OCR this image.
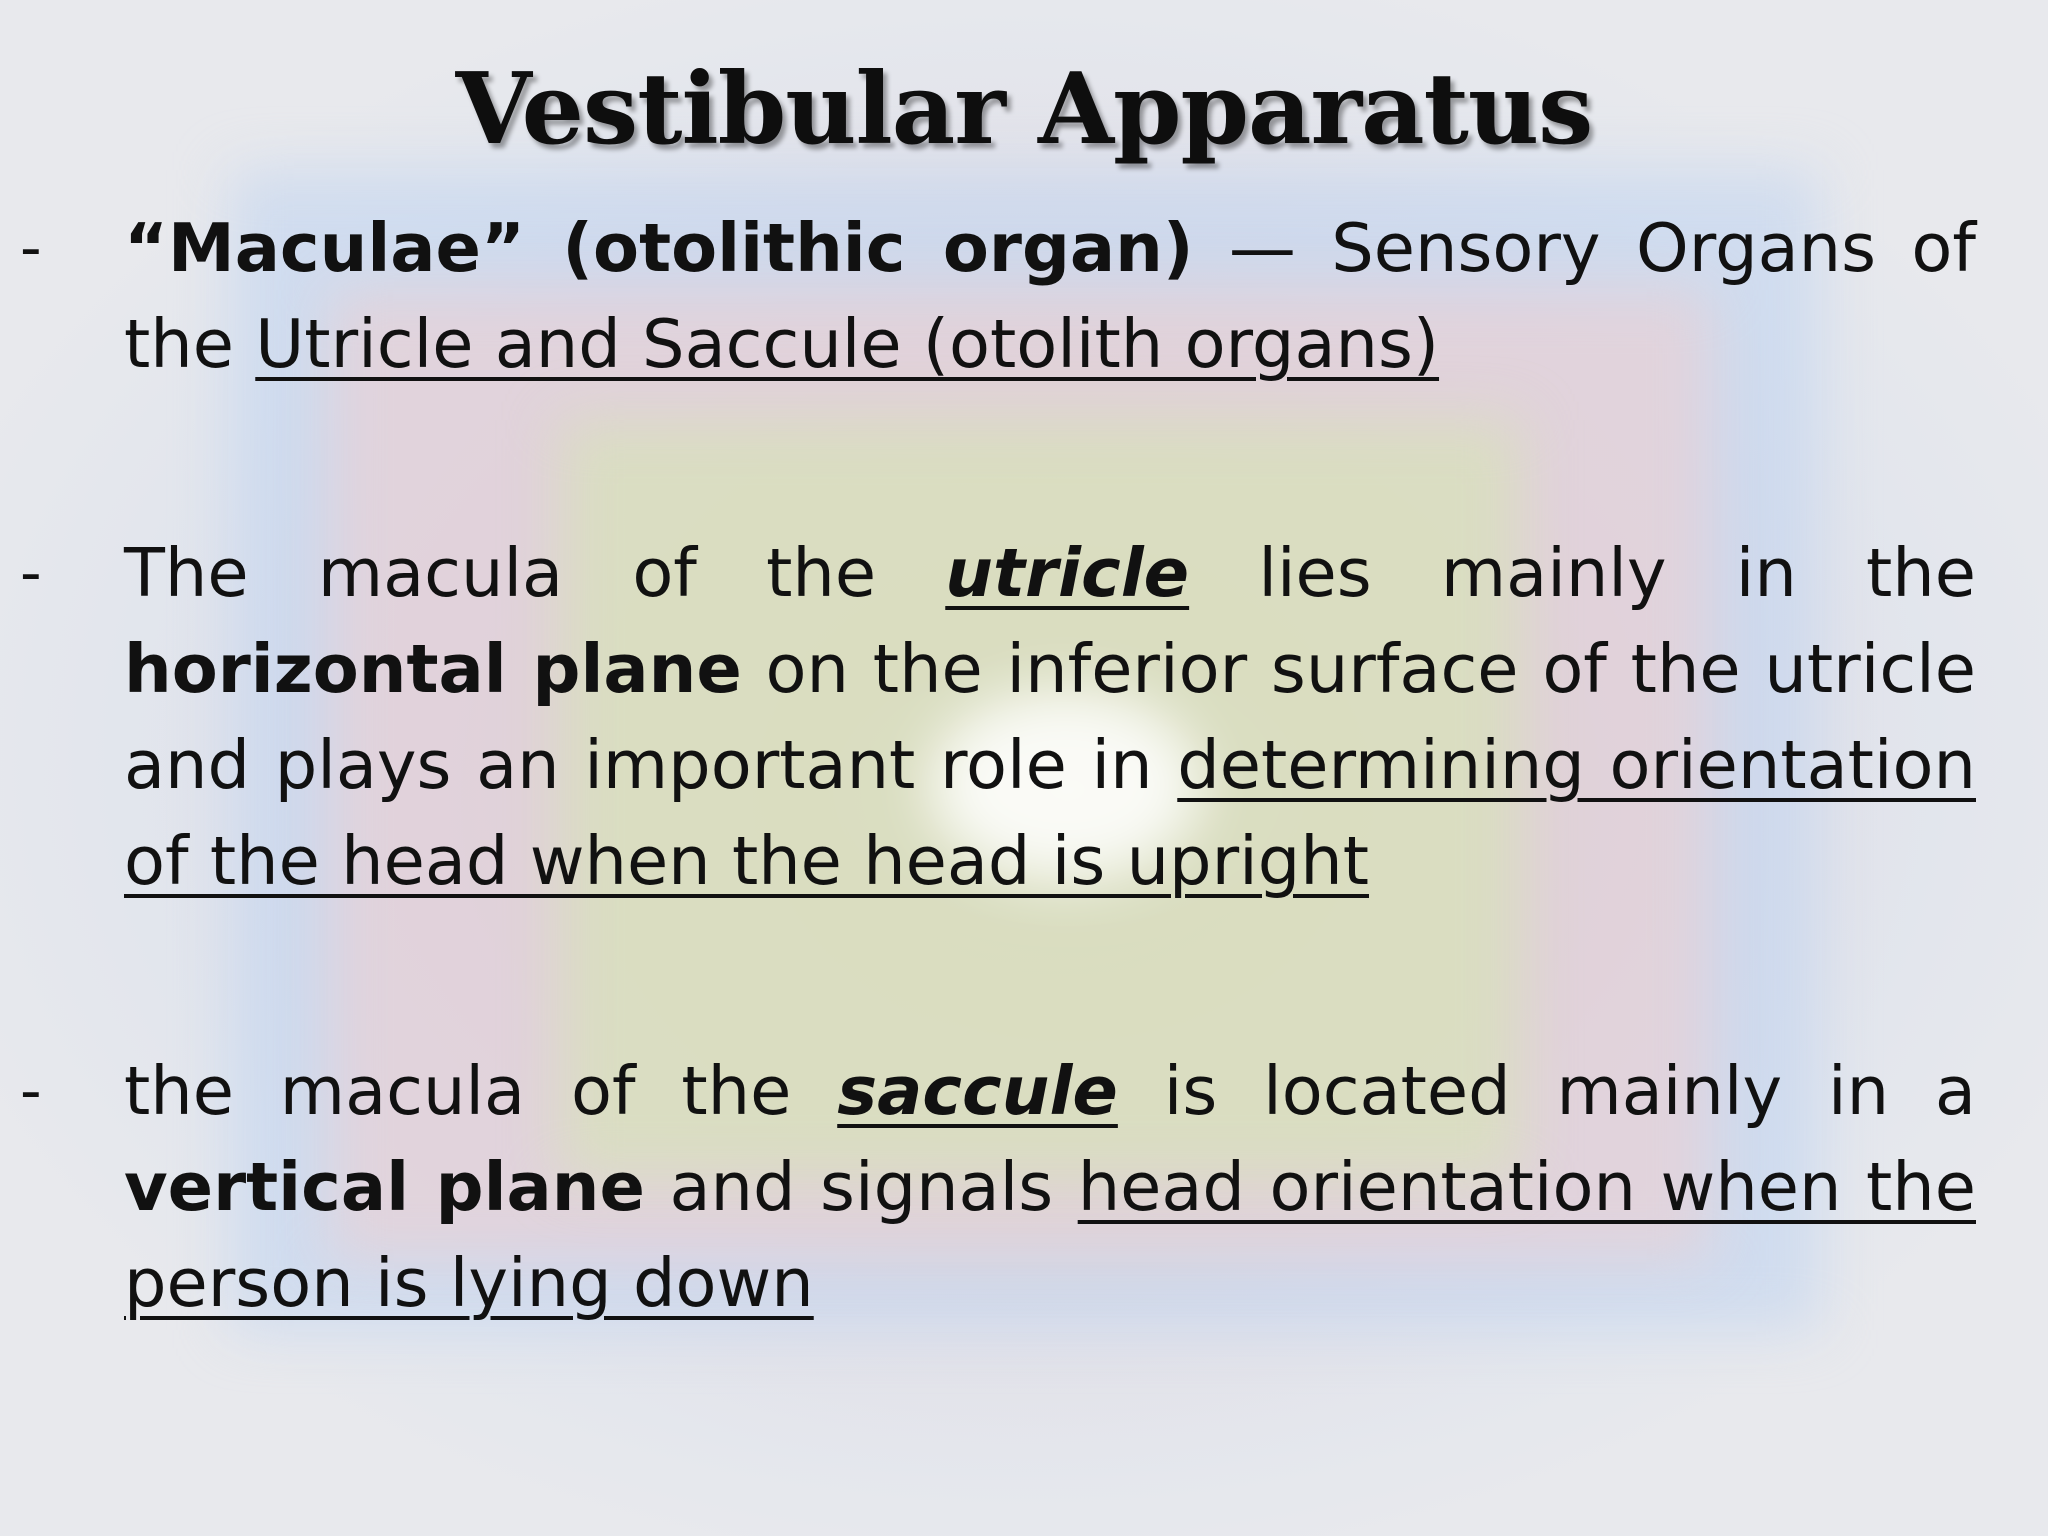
Vestibular Apparatus
- “Maculae” (otolithic organ) — Sensory Organs of the Utricle and Saccule (otolith organs)

- The macula of the utricle lies mainly in the horizontal plane on the inferior surface of the utricle and plays an important role in determining orientation of the head when the head is upright

- the macula of the saccule is located mainly in a vertical plane and signals head orientation when the person is lying down
